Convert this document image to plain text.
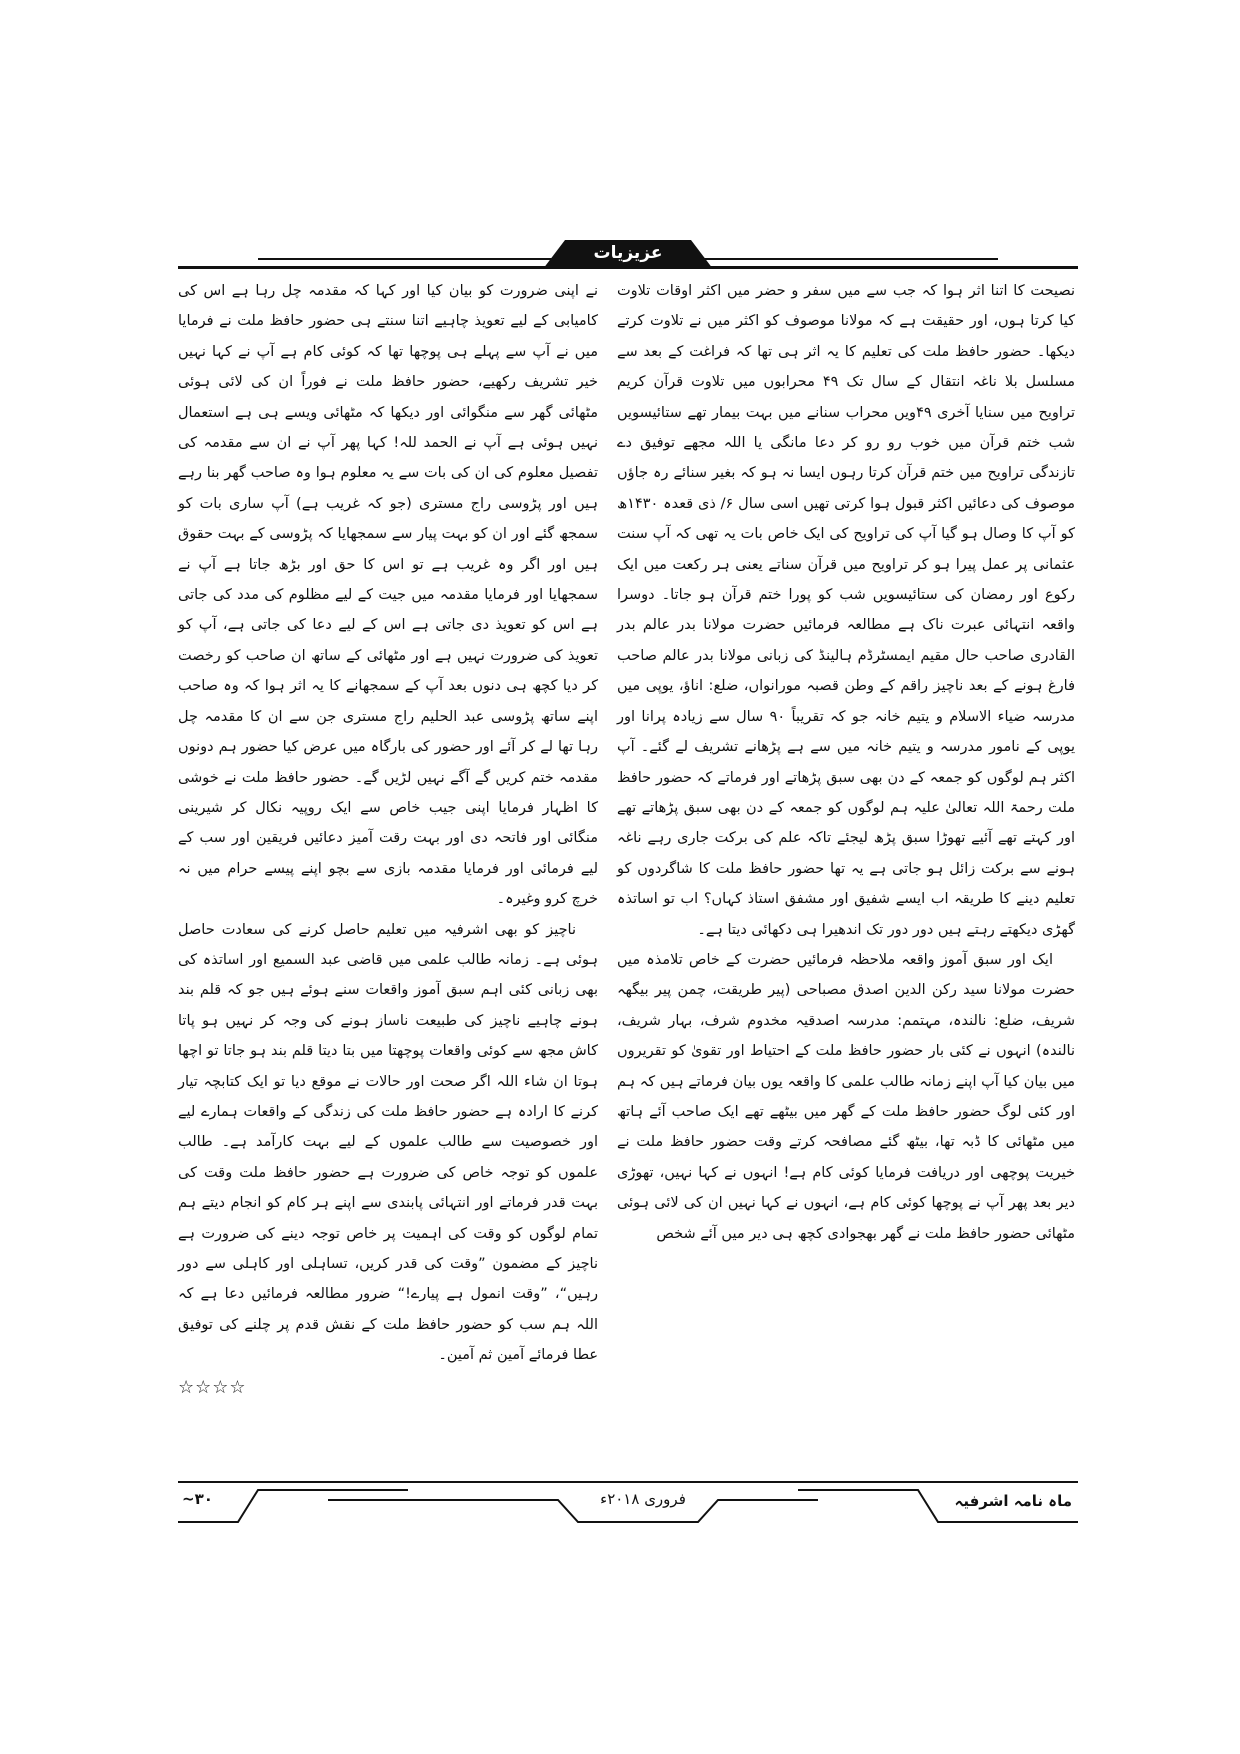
عزیزیات

نصیحت کا اتنا اثر ہوا کہ جب سے میں سفر و حضر میں اکثر اوقات تلاوت کیا کرتا ہوں، اور حقیقت ہے کہ مولانا موصوف کو اکثر میں نے تلاوت کرتے دیکھا۔ حضور حافظ ملت کی تعلیم کا یہ اثر ہی تھا کہ فراغت کے بعد سے مسلسل بلا ناغہ انتقال کے سال تک ۴۹ محرابوں میں تلاوت قرآن کریم تراویح میں سنایا آخری ۴۹ویں محراب سنانے میں بہت بیمار تھے ستائیسویں شب ختم قرآن میں خوب رو رو کر دعا مانگی یا اللہ مجھے توفیق دے تازندگی تراویح میں ختم قرآن کرتا رہوں ایسا نہ ہو کہ بغیر سنائے رہ جاؤں موصوف کی دعائیں اکثر قبول ہوا کرتی تھیں اسی سال ۶/ ذی قعدہ ۱۴۳۰ھ کو آپ کا وصال ہو گیا آپ کی تراویح کی ایک خاص بات یہ تھی کہ آپ سنت عثمانی پر عمل پیرا ہو کر تراویح میں قرآن سناتے یعنی ہر رکعت میں ایک رکوع اور رمضان کی ستائیسویں شب کو پورا ختم قرآن ہو جاتا۔ دوسرا واقعہ انتہائی عبرت ناک ہے مطالعہ فرمائیں حضرت مولانا بدر عالم بدر القادری صاحب حال مقیم ایمسٹرڈم ہالینڈ کی زبانی مولانا بدر عالم صاحب فارغ ہونے کے بعد ناچیز راقم کے وطن قصبہ مورانواں، ضلع: اناؤ، یوپی میں مدرسہ ضیاء الاسلام و یتیم خانہ جو کہ تقریباً ۹۰ سال سے زیادہ پرانا اور یوپی کے نامور مدرسہ و یتیم خانہ میں سے ہے پڑھانے تشریف لے گئے۔ آپ اکثر ہم لوگوں کو جمعہ کے دن بھی سبق پڑھاتے اور فرماتے کہ حضور حافظ ملت رحمۃ اللہ تعالیٰ علیہ ہم لوگوں کو جمعہ کے دن بھی سبق پڑھاتے تھے اور کہتے تھے آئیے تھوڑا سبق پڑھ لیجئے تاکہ علم کی برکت جاری رہے ناغہ ہونے سے برکت زائل ہو جاتی ہے یہ تھا حضور حافظ ملت کا شاگردوں کو تعلیم دینے کا طریقہ اب ایسے شفیق اور مشفق استاذ کہاں؟ اب تو اساتذہ گھڑی دیکھتے رہتے ہیں دور دور تک اندھیرا ہی دکھائی دیتا ہے۔

ایک اور سبق آموز واقعہ ملاحظہ فرمائیں حضرت کے خاص تلامذہ میں حضرت مولانا سید رکن الدین اصدق مصباحی (پیر طریقت، چمن پیر بیگھہ شریف، ضلع: نالندہ، مہتمم: مدرسہ اصدقیہ مخدوم شرف، بہار شریف، نالندہ) انہوں نے کئی بار حضور حافظ ملت کے احتیاط اور تقویٰ کو تقریروں میں بیان کیا آپ اپنے زمانہ طالب علمی کا واقعہ یوں بیان فرماتے ہیں کہ ہم اور کئی لوگ حضور حافظ ملت کے گھر میں بیٹھے تھے ایک صاحب آئے ہاتھ میں مٹھائی کا ڈبہ تھا، بیٹھ گئے مصافحہ کرتے وقت حضور حافظ ملت نے خیریت پوچھی اور دریافت فرمایا کوئی کام ہے! انہوں نے کہا نہیں، تھوڑی دیر بعد پھر آپ نے پوچھا کوئی کام ہے، انہوں نے کہا نہیں ان کی لائی ہوئی مٹھائی حضور حافظ ملت نے گھر بھجوادی کچھ ہی دیر میں آئے شخص

نے اپنی ضرورت کو بیان کیا اور کہا کہ مقدمہ چل رہا ہے اس کی کامیابی کے لیے تعویذ چاہیے اتنا سنتے ہی حضور حافظ ملت نے فرمایا میں نے آپ سے پہلے ہی پوچھا تھا کہ کوئی کام ہے آپ نے کہا نہیں خیر تشریف رکھیے، حضور حافظ ملت نے فوراً ان کی لائی ہوئی مٹھائی گھر سے منگوائی اور دیکھا کہ مٹھائی ویسے ہی ہے استعمال نہیں ہوئی ہے آپ نے الحمد للہ! کہا پھر آپ نے ان سے مقدمہ کی تفصیل معلوم کی ان کی بات سے یہ معلوم ہوا وہ صاحب گھر بنا رہے ہیں اور پڑوسی راج مستری (جو کہ غریب ہے) آپ ساری بات کو سمجھ گئے اور ان کو بہت پیار سے سمجھایا کہ پڑوسی کے بہت حقوق ہیں اور اگر وہ غریب ہے تو اس کا حق اور بڑھ جاتا ہے آپ نے سمجھایا اور فرمایا مقدمہ میں جیت کے لیے مظلوم کی مدد کی جاتی ہے اس کو تعویذ دی جاتی ہے اس کے لیے دعا کی جاتی ہے، آپ کو تعویذ کی ضرورت نہیں ہے اور مٹھائی کے ساتھ ان صاحب کو رخصت کر دیا کچھ ہی دنوں بعد آپ کے سمجھانے کا یہ اثر ہوا کہ وہ صاحب اپنے ساتھ پڑوسی عبد الحلیم راج مستری جن سے ان کا مقدمہ چل رہا تھا لے کر آئے اور حضور کی بارگاہ میں عرض کیا حضور ہم دونوں مقدمہ ختم کریں گے آگے نہیں لڑیں گے۔ حضور حافظ ملت نے خوشی کا اظہار فرمایا اپنی جیب خاص سے ایک روپیہ نکال کر شیرینی منگائی اور فاتحہ دی اور بہت رقت آمیز دعائیں فریقین اور سب کے لیے فرمائی اور فرمایا مقدمہ بازی سے بچو اپنے پیسے حرام میں نہ خرچ کرو وغیرہ۔

ناچیز کو بھی اشرفیہ میں تعلیم حاصل کرنے کی سعادت حاصل ہوئی ہے۔ زمانہ طالب علمی میں قاضی عبد السمیع اور اساتذہ کی بھی زبانی کئی اہم سبق آموز واقعات سنے ہوئے ہیں جو کہ قلم بند ہونے چاہیے ناچیز کی طبیعت ناساز ہونے کی وجہ کر نہیں ہو پاتا کاش مجھ سے کوئی واقعات پوچھتا میں بتا دیتا قلم بند ہو جاتا تو اچھا ہوتا ان شاء اللہ اگر صحت اور حالات نے موقع دیا تو ایک کتابچہ تیار کرنے کا ارادہ ہے حضور حافظ ملت کی زندگی کے واقعات ہمارے لیے اور خصوصیت سے طالب علموں کے لیے بہت کارآمد ہے۔ طالب علموں کو توجہ خاص کی ضرورت ہے حضور حافظ ملت وقت کی بہت قدر فرماتے اور انتہائی پابندی سے اپنے ہر کام کو انجام دیتے ہم تمام لوگوں کو وقت کی اہمیت پر خاص توجہ دینے کی ضرورت ہے ناچیز کے مضمون ”وقت کی قدر کریں، تساہلی اور کاہلی سے دور رہیں“، ”وقت انمول ہے پیارے!“ ضرور مطالعہ فرمائیں دعا ہے کہ اللہ ہم سب کو حضور حافظ ملت کے نقش قدم پر چلنے کی توفیق عطا فرمائے آمین ثم آمین۔

☆☆☆☆
ماہ نامہ اشرفیہ
فروری ۲۰۱۸ء
۳۰~
